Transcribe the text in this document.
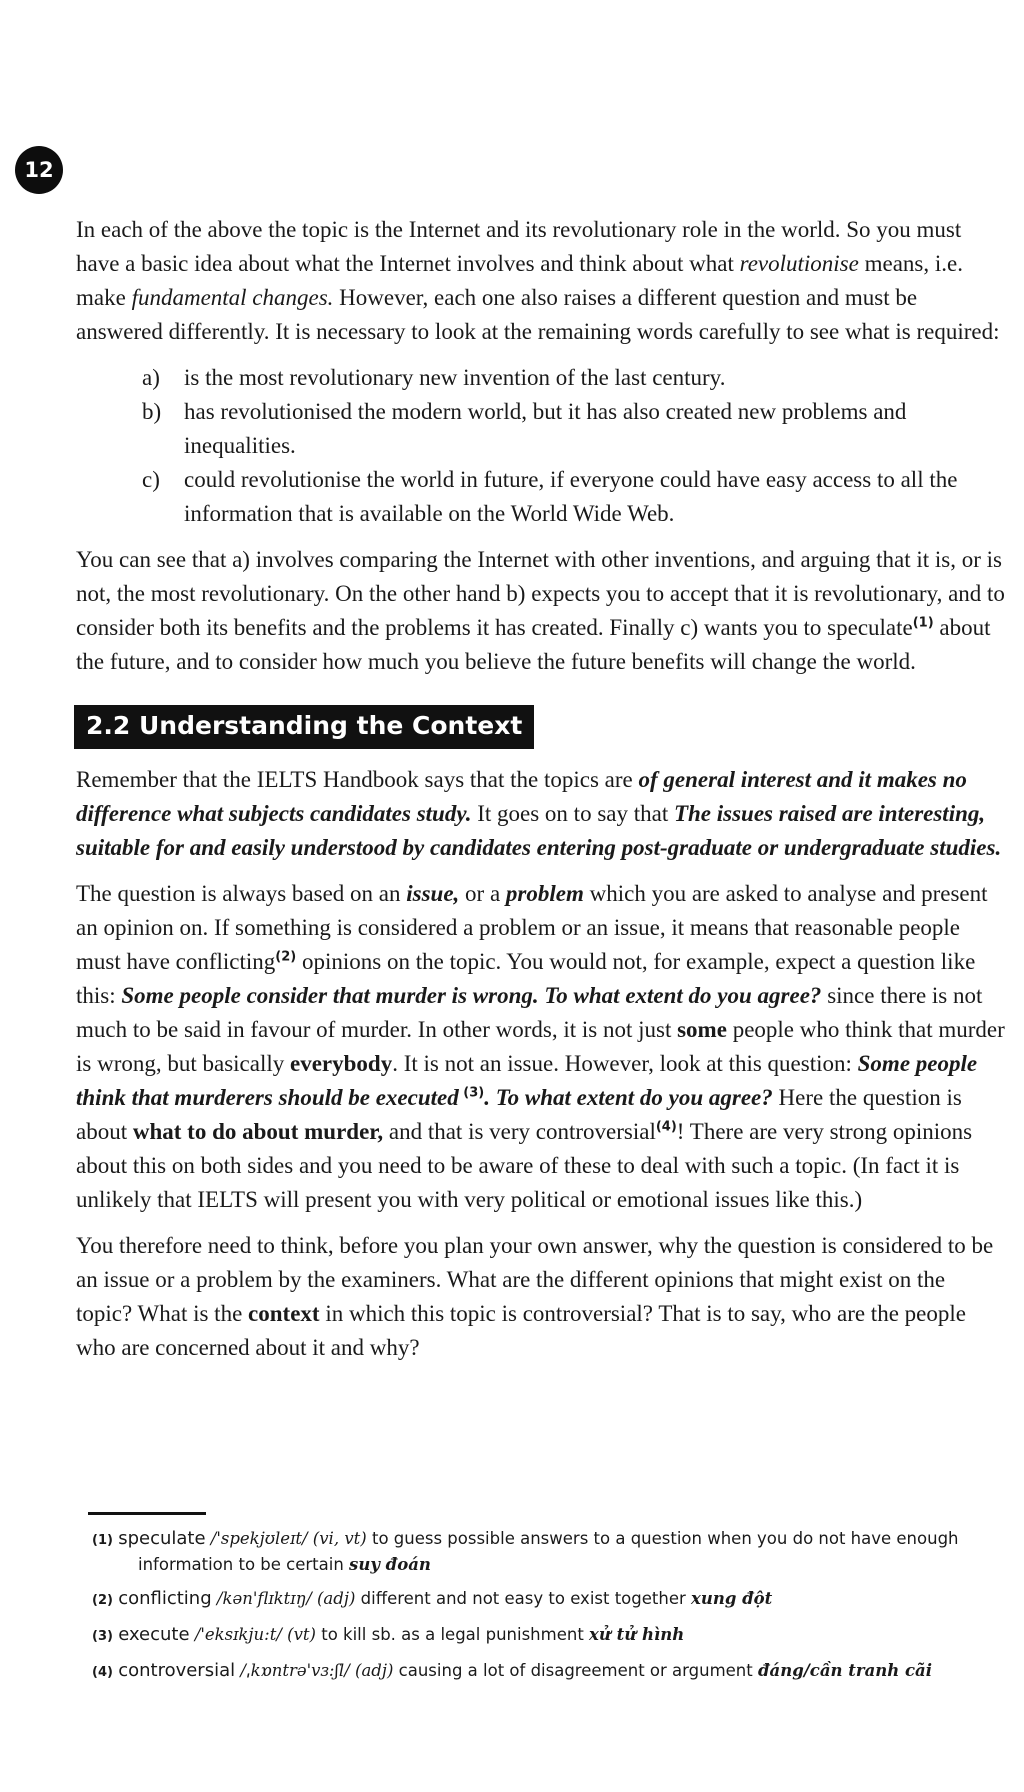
12

In each of the above the topic is the Internet and its revolutionary role in the world. So you must have a basic idea about what the Internet involves and think about what revolutionise means, i.e. make fundamental changes. However, each one also raises a different question and must be answered differently. It is necessary to look at the remaining words carefully to see what is required:

a)	is the most revolutionary new invention of the last century.
b) has revolutionised the modern world, but it has also created new problems and inequalities.
c)	could revolutionise the world in future, if everyone could have easy access to all the information that is available on the World Wide Web.

You can see that a) involves comparing the Internet with other inventions, and arguing that it is, or is not, the most revolutionary. On the other hand b) expects you to accept that it is revolutionary, and to consider both its benefits and the problems it has created. Finally c) wants you to speculate$^{(1)}$ about the future, and to consider how much you believe the future benefits will change the world.

2.2 Understanding the Context

Remember that the IELTS Handbook says that the topics are of general interest and it makes no difference what subjects candidates study. It goes on to say that The issues raised are interesting, suitable for and easily understood by candidates entering post-graduate or undergraduate studies.

The question is always based on an issue, or a problem which you are asked to analyse and present an opinion on. If something is considered a problem or an issue, it means that reasonable people must have conflicting$^{(2)}$ opinions on the topic. You would not, for example, expect a question like this: Some people consider that murder is wrong. To what extent do you agree? since there is not much to be said in favour of murder. In other words, it is not just some people who think that murder is wrong, but basically everybody. It is not an issue. However, look at this question: Some people think that murderers should be executed $^{(3)}$. To what extent do you agree? Here the question is about what to do about murder, and that is very controversial$^{(4)}$! There are very strong opinions about this on both sides and you need to be aware of these to deal with such a topic. (In fact it is unlikely that IELTS will present you with very political or emotional issues like this.)

You therefore need to think, before you plan your own answer, why the question is considered to be an issue or a problem by the examiners. What are the different opinions that might exist on the topic? What is the context in which this topic is controversial? That is to say, who are the people who are concerned about it and why?

(1) speculate /'spekjʊleɪt/ (vi, vt) to guess possible answers to a question when you do not have enough information to be certain suy đoán
(2) conflicting /kən'flɪktɪŋ/ (adj) different and not easy to exist together xung đột
(3) execute /'eksɪkju:t/ (vt) to kill sb. as a legal punishment xử tử hình
(4) controversial /ˌkɒntrə'vɜ:ʃl/ (adj) causing a lot of disagreement or argument đáng/cần tranh cãi
